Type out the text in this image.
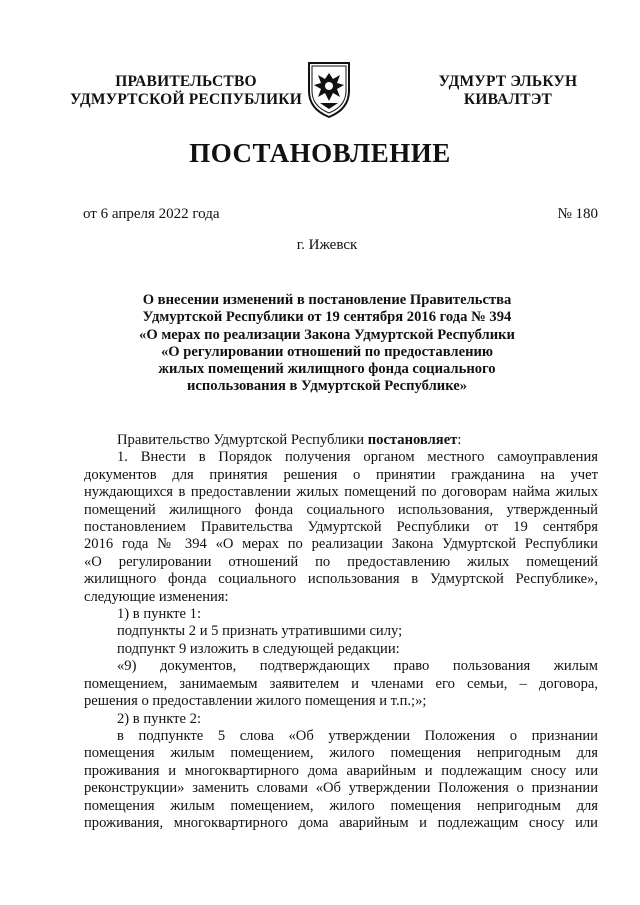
ПРАВИТЕЛЬСТВО
УДМУРТСКОЙ РЕСПУБЛИКИ
УДМУРТ ЭЛЬКУН
КИВАЛТЭТ
ПОСТАНОВЛЕНИЕ
от 6 апреля 2022 года	№ 180
г. Ижевск
О внесении изменений в постановление Правительства
Удмуртской Республики от 19 сентября 2016 года № 394
«О мерах по реализации Закона Удмуртской Республики
«О регулировании отношений по предоставлению
жилых помещений жилищного фонда социального
использования в Удмуртской Республике»
Правительство Удмуртской Республики постановляет:
1. Внести в Порядок получения органом местного самоуправления
документов для принятия решения о принятии гражданина на учет
нуждающихся в предоставлении жилых помещений по договорам найма жилых
помещений жилищного фонда социального использования, утвержденный
постановлением Правительства Удмуртской Республики от 19 сентября
2016 года № 394 «О мерах по реализации Закона Удмуртской Республики
«О регулировании отношений по предоставлению жилых помещений
жилищного фонда социального использования в Удмуртской Республике»,
следующие изменения:
1) в пункте 1:
подпункты 2 и 5 признать утратившими силу;
подпункт 9 изложить в следующей редакции:
«9) документов, подтверждающих право пользования жилым
помещением, занимаемым заявителем и членами его семьи, – договора,
решения о предоставлении жилого помещения и т.п.;»;
2) в пункте 2:
в подпункте 5 слова «Об утверждении Положения о признании
помещения жилым помещением, жилого помещения непригодным для
проживания и многоквартирного дома аварийным и подлежащим сносу или
реконструкции» заменить словами «Об утверждении Положения о признании
помещения жилым помещением, жилого помещения непригодным для
проживания, многоквартирного дома аварийным и подлежащим сносу или
